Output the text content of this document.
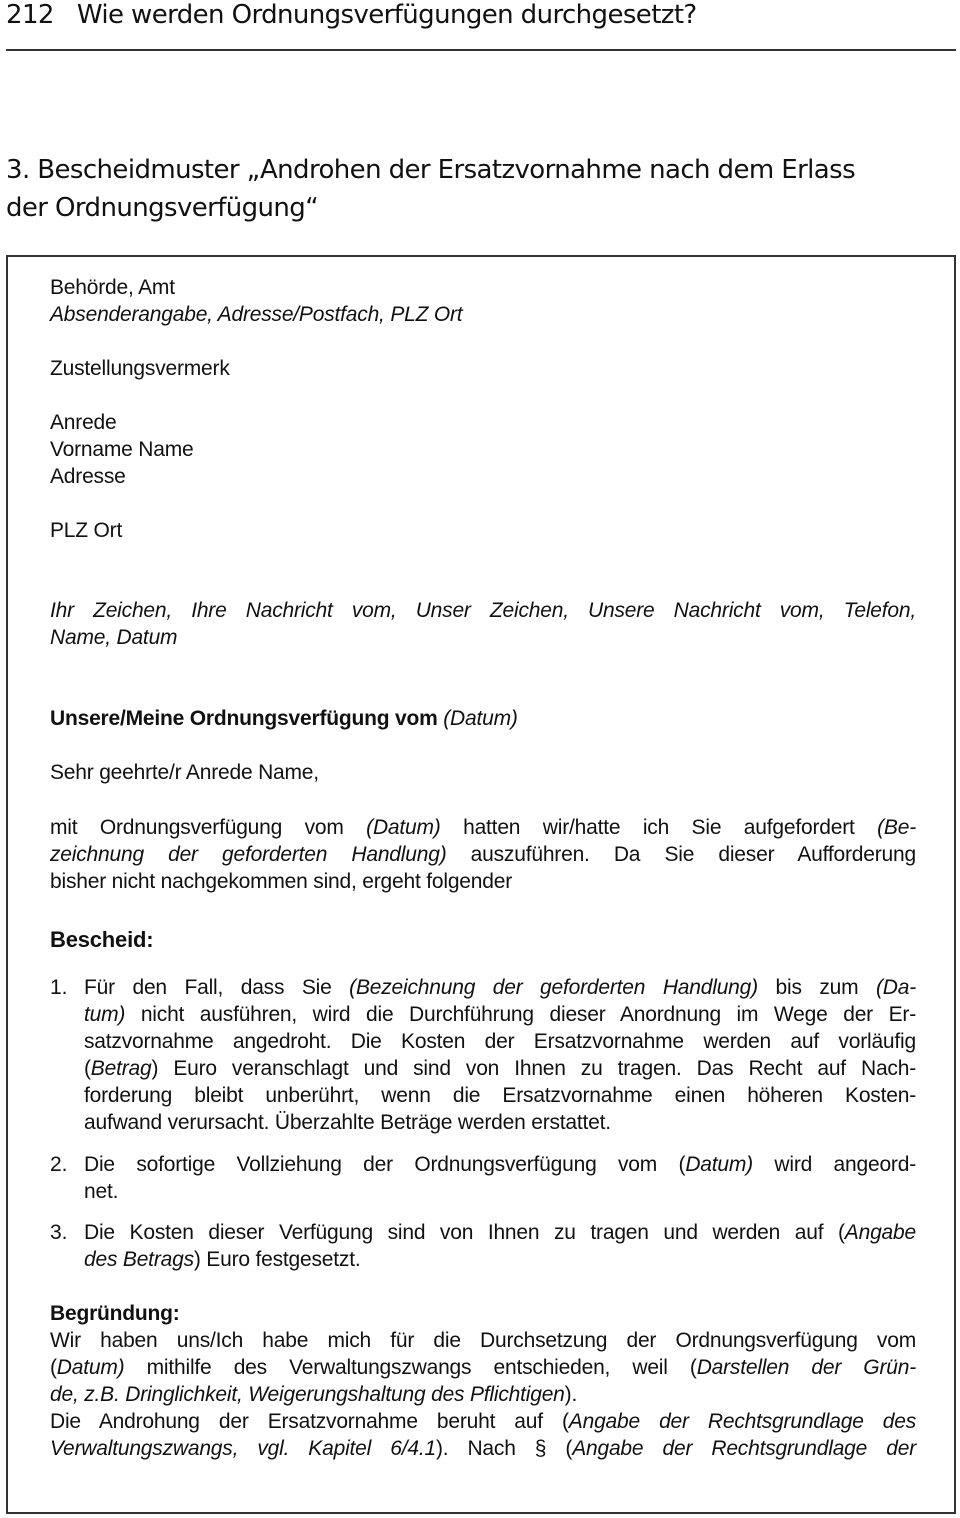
212 Wie werden Ordnungsverfügungen durchgesetzt?
3. Bescheidmuster „Androhen der Ersatzvornahme nach dem Erlass
der Ordnungsverfügung“
Behörde, Amt
Absenderangabe, Adresse/Postfach, PLZ Ort
Zustellungsvermerk
Anrede
Vorname Name
Adresse
PLZ Ort
Ihr Zeichen, Ihre Nachricht vom, Unser Zeichen, Unsere Nachricht vom, Telefon,
Name, Datum
Unsere/Meine Ordnungsverfügung vom (Datum)
Sehr geehrte/r Anrede Name,
mit Ordnungsverfügung vom (Datum) hatten wir/hatte ich Sie aufgefordert (Be-
zeichnung der geforderten Handlung) auszuführen. Da Sie dieser Aufforderung
bisher nicht nachgekommen sind, ergeht folgender
Bescheid:
Für den Fall, dass Sie (Bezeichnung der geforderten Handlung) bis zum (Da-
tum) nicht ausführen, wird die Durchführung dieser Anordnung im Wege der Er-
satzvornahme angedroht. Die Kosten der Ersatzvornahme werden auf vorläufig
(Betrag) Euro veranschlagt und sind von Ihnen zu tragen. Das Recht auf Nach-
forderung bleibt unberührt, wenn die Ersatzvornahme einen höheren Kosten-
aufwand verursacht. Überzahlte Beträge werden erstattet.
Die sofortige Vollziehung der Ordnungsverfügung vom (Datum) wird angeord-
net.
Die Kosten dieser Verfügung sind von Ihnen zu tragen und werden auf (Angabe
des Betrags) Euro festgesetzt.
Begründung:
Wir haben uns/Ich habe mich für die Durchsetzung der Ordnungsverfügung vom
(Datum) mithilfe des Verwaltungszwangs entschieden, weil (Darstellen der Grün-
de, z.B. Dringlichkeit, Weigerungshaltung des Pflichtigen).
Die Androhung der Ersatzvornahme beruht auf (Angabe der Rechtsgrundlage des
Verwaltungszwangs, vgl. Kapitel 6/4.1). Nach § (Angabe der Rechtsgrundlage der
1.
2.
3.
